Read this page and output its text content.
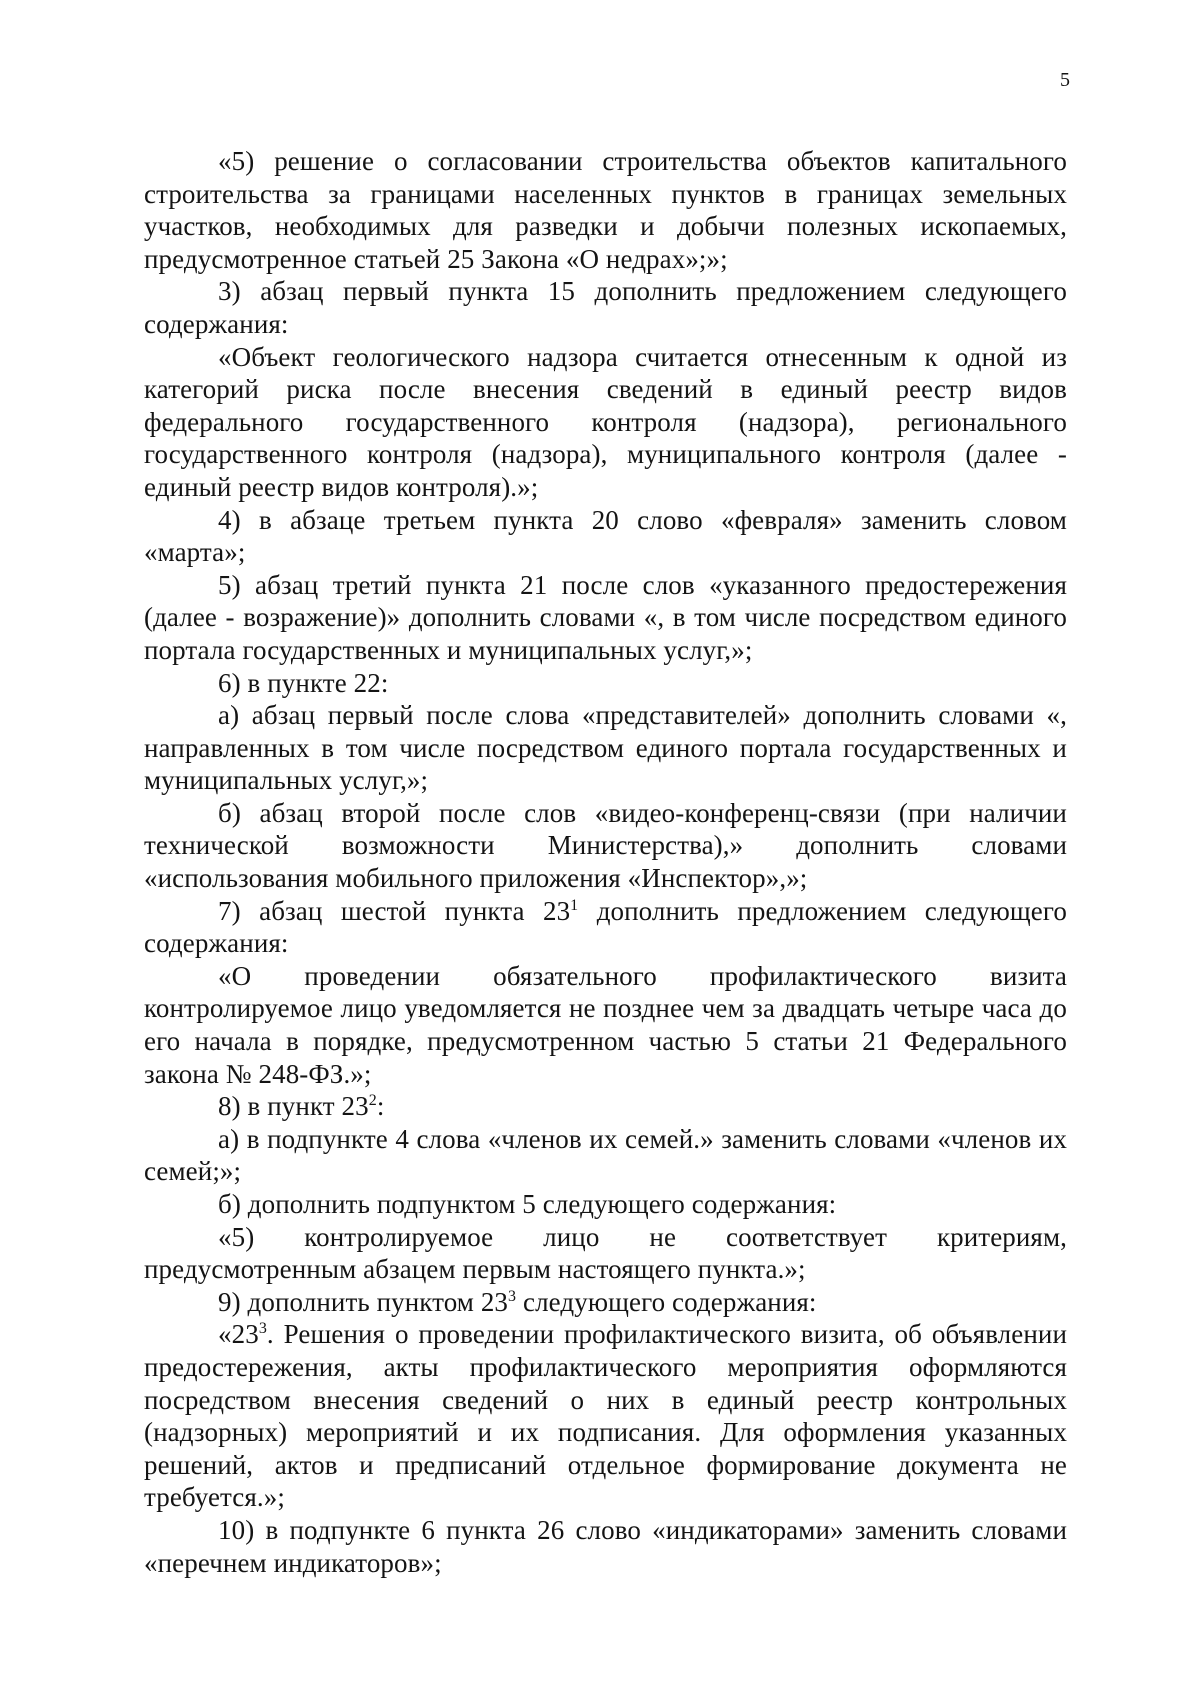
5

«5) решение о согласовании строительства объектов капитального строительства за границами населенных пунктов в границах земельных участков, необходимых для разведки и добычи полезных ископаемых, предусмотренное статьей 25 Закона «О недрах»;»;

3) абзац первый пункта 15 дополнить предложением следующего содержания:

«Объект геологического надзора считается отнесенным к одной из категорий риска после внесения сведений в единый реестр видов федерального государственного контроля (надзора), регионального государственного контроля (надзора), муниципального контроля (далее - единый реестр видов контроля).»;

4) в абзаце третьем пункта 20 слово «февраля» заменить словом «марта»;

5) абзац третий пункта 21 после слов «указанного предостережения (далее - возражение)» дополнить словами «, в том числе посредством единого портала государственных и муниципальных услуг,»;

6) в пункте 22:

а) абзац первый после слова «представителей» дополнить словами «, направленных в том числе посредством единого портала государственных и муниципальных услуг,»;

б) абзац второй после слов «видео-конференц-связи (при наличии технической возможности Министерства),» дополнить словами «использования мобильного приложения «Инспектор»,»;

7) абзац шестой пункта $23^1$ дополнить предложением следующего содержания:

«О проведении обязательного профилактического визита контролируемое лицо уведомляется не позднее чем за двадцать четыре часа до его начала в порядке, предусмотренном частью 5 статьи 21 Федерального закона № 248-ФЗ.»;

8) в пункт $23^2$:

а) в подпункте 4 слова «членов их семей.» заменить словами «членов их семей;»;

б) дополнить подпунктом 5 следующего содержания:

«5) контролируемое лицо не соответствует критериям, предусмотренным абзацем первым настоящего пункта.»;

9) дополнить пунктом $23^3$ следующего содержания:

«$23^3$. Решения о проведении профилактического визита, об объявлении предостережения, акты профилактического мероприятия оформляются посредством внесения сведений о них в единый реестр контрольных (надзорных) мероприятий и их подписания. Для оформления указанных решений, актов и предписаний отдельное формирование документа не требуется.»;

10) в подпункте 6 пункта 26 слово «индикаторами» заменить словами «перечнем индикаторов»;
